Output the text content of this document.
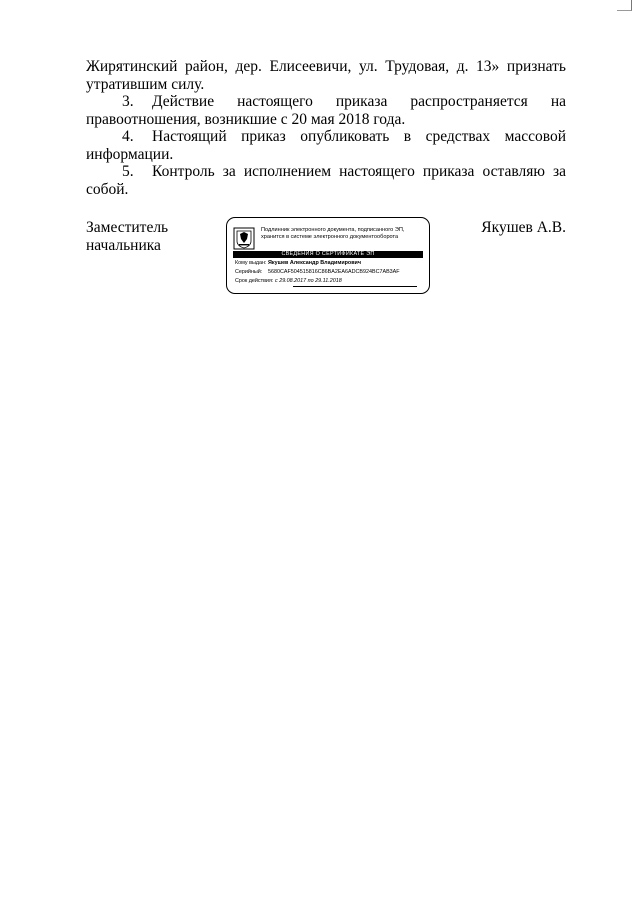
Жирятинский район, дер. Елисеевичи, ул. Трудовая, д. 13» признать

утратившим силу.

3. Действие настоящего приказа распространяется на

правоотношения, возникшие с 20 мая 2018 года.

4. Настоящий приказ опубликовать в средствах массовой

информации.

5. Контроль за исполнением настоящего приказа оставляю за собой.

Заместитель
начальника
Якушев А.В.
Подлинник электронного документа, подписанного ЭП,
хранится в системе электронного документооборота
СВЕДЕНИЯ О СЕРТИФИКАТЕ ЭП
Кому выдан: Якушев Александр Владимирович
Серийный: 5680CAF504515816C86BA2EA6ADCB924BC7AB3AF
Срок действия: с 29.08.2017 по 29.11.2018
